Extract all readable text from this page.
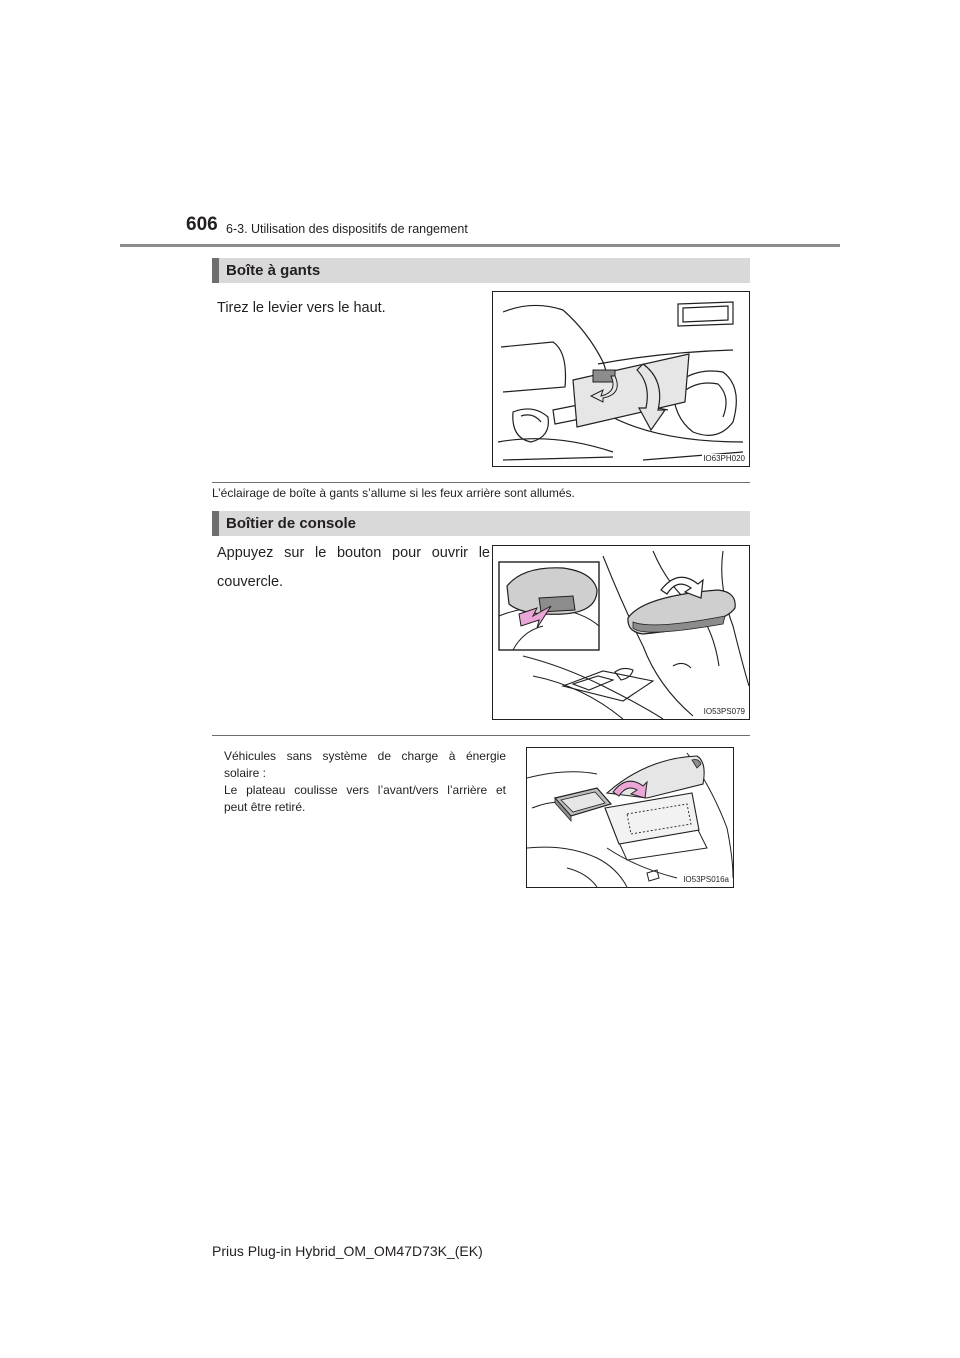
606 6-3. Utilisation des dispositifs de rangement
Boîte à gants
Tirez le levier vers le haut.
IO63PH020
L’éclairage de boîte à gants s’allume si les feux arrière sont allumés.
Boîtier de console
Appuyez sur le bouton pour ouvrir le
couvercle.
IO53PS079
Véhicules sans système de charge à énergie
solaire :
Le plateau coulisse vers l’avant/vers l’arrière et
peut être retiré.
IO53PS016a
Prius Plug-in Hybrid_OM_OM47D73K_(EK)
